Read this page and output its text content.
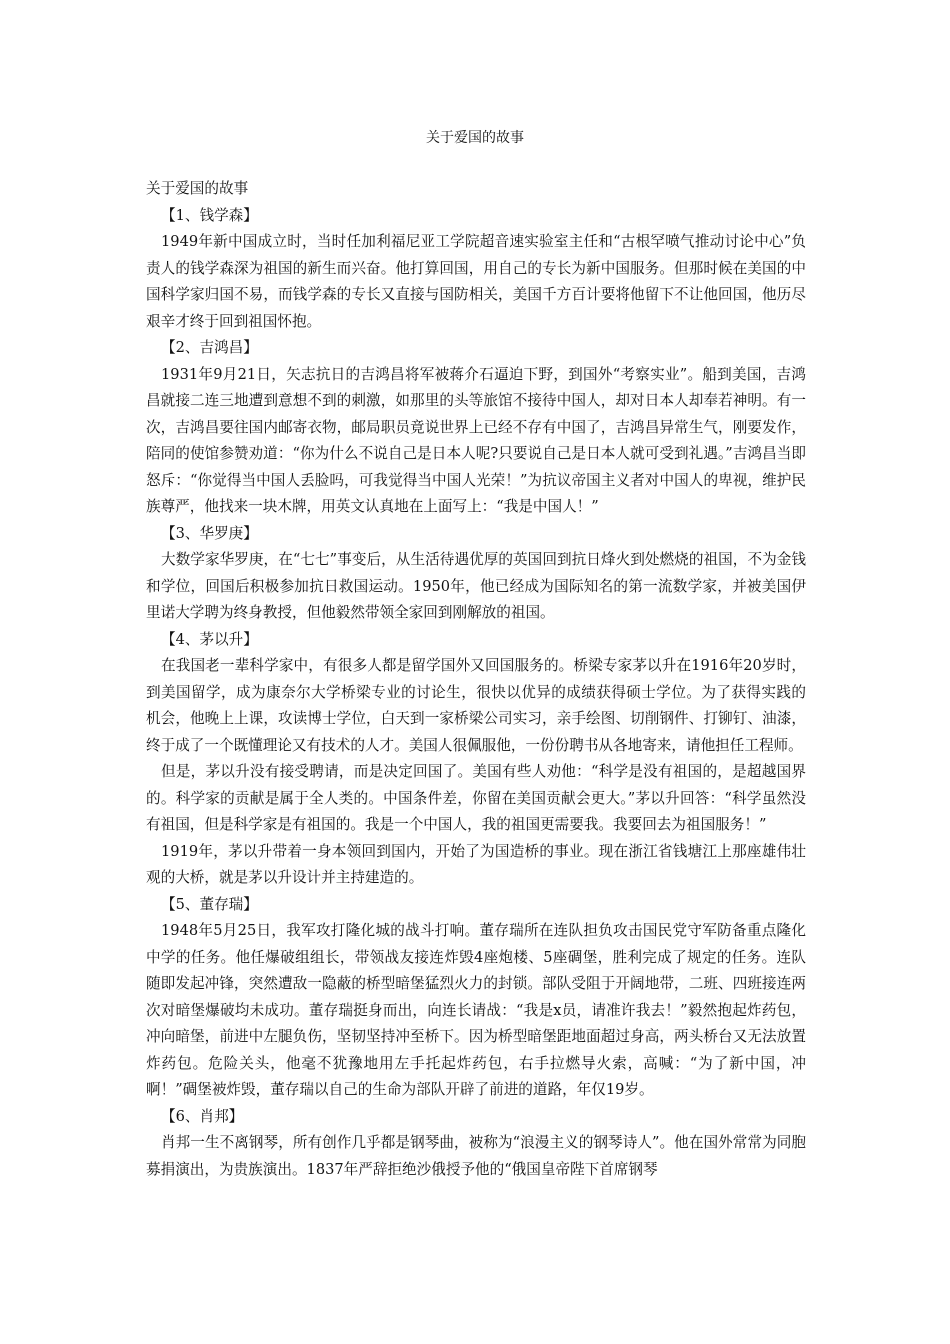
关于爱国的故事

关于爱国的故事

【1、钱学森】

1949年新中国成立时，当时任加利福尼亚工学院超音速实验室主任和“古根罕喷气推动讨论中心”负责人的钱学森深为祖国的新生而兴奋。他打算回国，用自己的专长为新中国服务。但那时候在美国的中国科学家归国不易，而钱学森的专长又直接与国防相关，美国千方百计要将他留下不让他回国，他历尽艰辛才终于回到祖国怀抱。

【2、吉鸿昌】

1931年9月21日，矢志抗日的吉鸿昌将军被蒋介石逼迫下野，到国外“考察实业”。船到美国，吉鸿昌就接二连三地遭到意想不到的刺激，如那里的头等旅馆不接待中国人，却对日本人却奉若神明。有一次，吉鸿昌要往国内邮寄衣物，邮局职员竟说世界上已经不存有中国了，吉鸿昌异常生气，刚要发作，陪同的使馆参赞劝道：“你为什么不说自己是日本人呢?只要说自己是日本人就可受到礼遇。”吉鸿昌当即怒斥：“你觉得当中国人丢脸吗，可我觉得当中国人光荣！”为抗议帝国主义者对中国人的卑视，维护民族尊严，他找来一块木牌，用英文认真地在上面写上：“我是中国人！”

【3、华罗庚】

大数学家华罗庚，在“七七”事变后，从生活待遇优厚的英国回到抗日烽火到处燃烧的祖国，不为金钱和学位，回国后积极参加抗日救国运动。1950年，他已经成为国际知名的第一流数学家，并被美国伊里诺大学聘为终身教授，但他毅然带领全家回到刚解放的祖国。

【4、茅以升】

在我国老一辈科学家中，有很多人都是留学国外又回国服务的。桥梁专家茅以升在1916年20岁时，到美国留学，成为康奈尔大学桥梁专业的讨论生，很快以优异的成绩获得硕士学位。为了获得实践的 机会，他晚上上课，攻读博士学位，白天到一家桥梁公司实习，亲手绘图、切削钢件、打铆钉、油漆，终于成了一个既懂理论又有技术的人才。美国人很佩服他，一份份聘书从各地寄来，请他担任工程师。

但是，茅以升没有接受聘请，而是决定回国了。美国有些人劝他：“科学是没有祖国的，是超越国界的。科学家的贡献是属于全人类的。中国条件差，你留在美国贡献会更大。”茅以升回答：“科学虽然没有祖国，但是科学家是有祖国的。我是一个中国人，我的祖国更需要我。我要回去为祖国服务！”

1919年，茅以升带着一身本领回到国内，开始了为国造桥的事业。现在浙江省钱塘江上那座雄伟壮观的大桥，就是茅以升设计并主持建造的。

【5、董存瑞】

1948年5月25日，我军攻打隆化城的战斗打响。董存瑞所在连队担负攻击国民党守军防备重点隆化中学的任务。他任爆破组组长，带领战友接连炸毁4座炮楼、5座碉堡，胜利完成了规定的任务。连队随即发起冲锋，突然遭敌一隐蔽的桥型暗堡猛烈火力的封锁。部队受阻于开阔地带，二班、四班接连两次对暗堡爆破均未成功。董存瑞挺身而出，向连长请战：“我是x员，请准许我去！”毅然抱起炸药包，冲向暗堡，前进中左腿负伤，坚韧坚持冲至桥下。因为桥型暗堡距地面超过身高，两头桥台又无法放置炸药包。危险关头，他毫不犹豫地用左手托起炸药包，右手拉燃导火索，高喊：“为了新中国，冲啊！”碉堡被炸毁，董存瑞以自己的生命为部队开辟了前进的道路，年仅19岁。

【6、肖邦】

肖邦一生不离钢琴，所有创作几乎都是钢琴曲，被称为“浪漫主义的钢琴诗人”。他在国外常常为同胞募捐演出，为贵族演出。1837年严辞拒绝沙俄授予他的“俄国皇帝陛下首席钢琴
